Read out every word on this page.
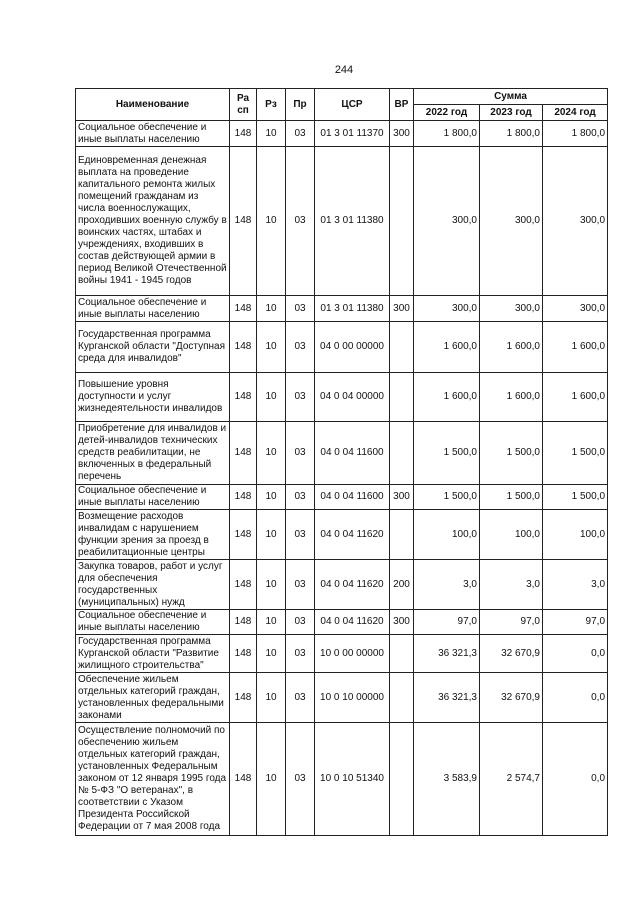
244
Наименование	Ра сп	Рз	Пр	ЦСР	ВР	Сумма		
						2022 год	2023 год	2024 год
Социальное обеспечение и иные выплаты населению	148	10	03	01 3 01 11370	300	1 800,0	1 800,0	1 800,0
Единовременная денежная выплата на проведение капитального ремонта жилых помещений гражданам из числа военнослужащих, проходивших военную службу в воинских частях, штабах и учреждениях, входивших в состав действующей армии в период Великой Отечественной войны 1941 - 1945 годов	148	10	03	01 3 01 11380		300,0	300,0	300,0
Социальное обеспечение и иные выплаты населению	148	10	03	01 3 01 11380	300	300,0	300,0	300,0
Государственная программа Курганской области "Доступная среда для инвалидов"	148	10	03	04 0 00 00000		1 600,0	1 600,0	1 600,0
Повышение уровня доступности и услуг жизнедеятельности инвалидов	148	10	03	04 0 04 00000		1 600,0	1 600,0	1 600,0
Приобретение для инвалидов и детей-инвалидов технических средств реабилитации, не включенных в федеральный перечень	148	10	03	04 0 04 11600		1 500,0	1 500,0	1 500,0
Социальное обеспечение и иные выплаты населению	148	10	03	04 0 04 11600	300	1 500,0	1 500,0	1 500,0
Возмещение расходов инвалидам с нарушением функции зрения за проезд в реабилитационные центры	148	10	03	04 0 04 11620		100,0	100,0	100,0
Закупка товаров, работ и услуг для обеспечения государственных (муниципальных) нужд	148	10	03	04 0 04 11620	200	3,0	3,0	3,0
Социальное обеспечение и иные выплаты населению	148	10	03	04 0 04 11620	300	97,0	97,0	97,0
Государственная программа Курганской области "Развитие жилищного строительства"	148	10	03	10 0 00 00000		36 321,3	32 670,9	0,0
Обеспечение жильем отдельных категорий граждан, установленных федеральными законами	148	10	03	10 0 10 00000		36 321,3	32 670,9	0,0
Осуществление полномочий по обеспечению жильем отдельных категорий граждан, установленных Федеральным законом от 12 января 1995 года № 5-ФЗ "О ветеранах", в соответствии с Указом Президента Российской Федерации от 7 мая 2008 года	148	10	03	10 0 10 51340		3 583,9	2 574,7	0,0
